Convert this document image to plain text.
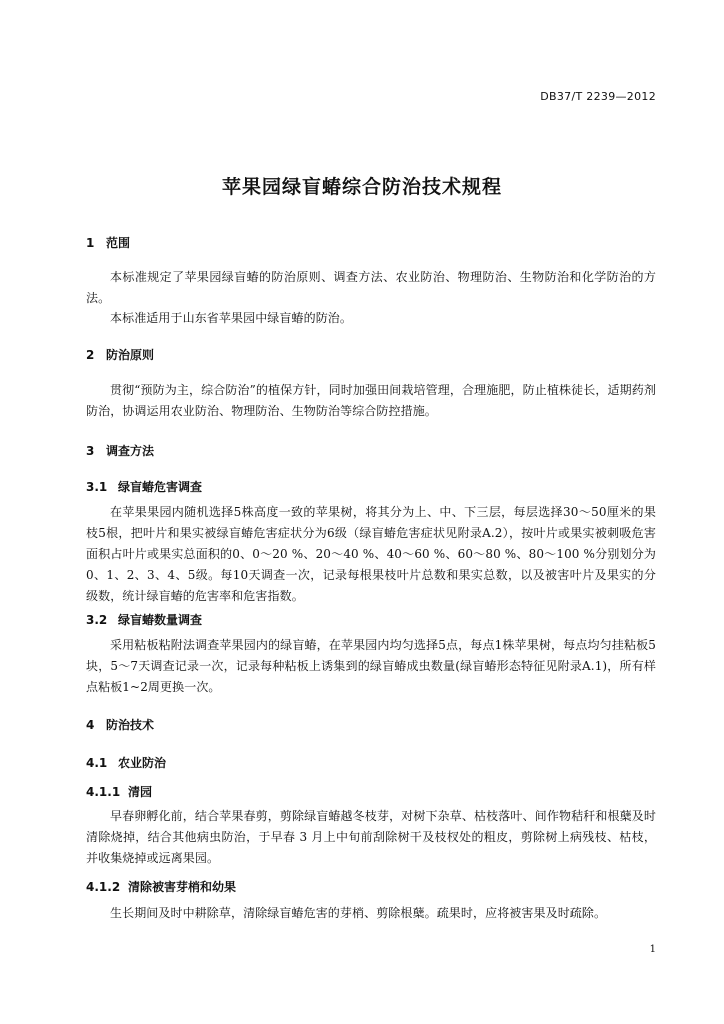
DB37/T 2239—2012
苹果园绿盲蝽综合防治技术规程
1 范围
本标准规定了苹果园绿盲蝽的防治原则、调查方法、农业防治、物理防治、生物防治和化学防治的方法。
本标准适用于山东省苹果园中绿盲蝽的防治。
2 防治原则
贯彻“预防为主，综合防治”的植保方针，同时加强田间栽培管理，合理施肥，防止植株徒长，适期药剂防治，协调运用农业防治、物理防治、生物防治等综合防控措施。
3 调查方法
3.1 绿盲蝽危害调查
在苹果果园内随机选择5株高度一致的苹果树，将其分为上、中、下三层，每层选择30～50厘米的果枝5根，把叶片和果实被绿盲蝽危害症状分为6级（绿盲蝽危害症状见附录A.2），按叶片或果实被刺吸危害面积占叶片或果实总面积的0、0～20 %、20～40 %、40～60 %、60～80 %、80～100 %分别划分为0、1、2、3、4、5级。每10天调查一次，记录每根果枝叶片总数和果实总数，以及被害叶片及果实的分级数，统计绿盲蝽的危害率和危害指数。
3.2 绿盲蝽数量调查
采用粘板粘附法调查苹果园内的绿盲蝽，在苹果园内均匀选择5点，每点1株苹果树，每点均匀挂粘板5块，5～7天调查记录一次，记录每种粘板上诱集到的绿盲蝽成虫数量(绿盲蝽形态特征见附录A.1)，所有样点粘板1~2周更换一次。
4 防治技术
4.1 农业防治
4.1.1 清园
早春卵孵化前，结合苹果春剪，剪除绿盲蝽越冬枝芽，对树下杂草、枯枝落叶、间作物秸秆和根蘖及时清除烧掉，结合其他病虫防治，于早春 3 月上中旬前刮除树干及枝杈处的粗皮，剪除树上病残枝、枯枝，并收集烧掉或远离果园。
4.1.2 清除被害芽梢和幼果
生长期间及时中耕除草，清除绿盲蝽危害的芽梢、剪除根蘖。疏果时，应将被害果及时疏除。
1
